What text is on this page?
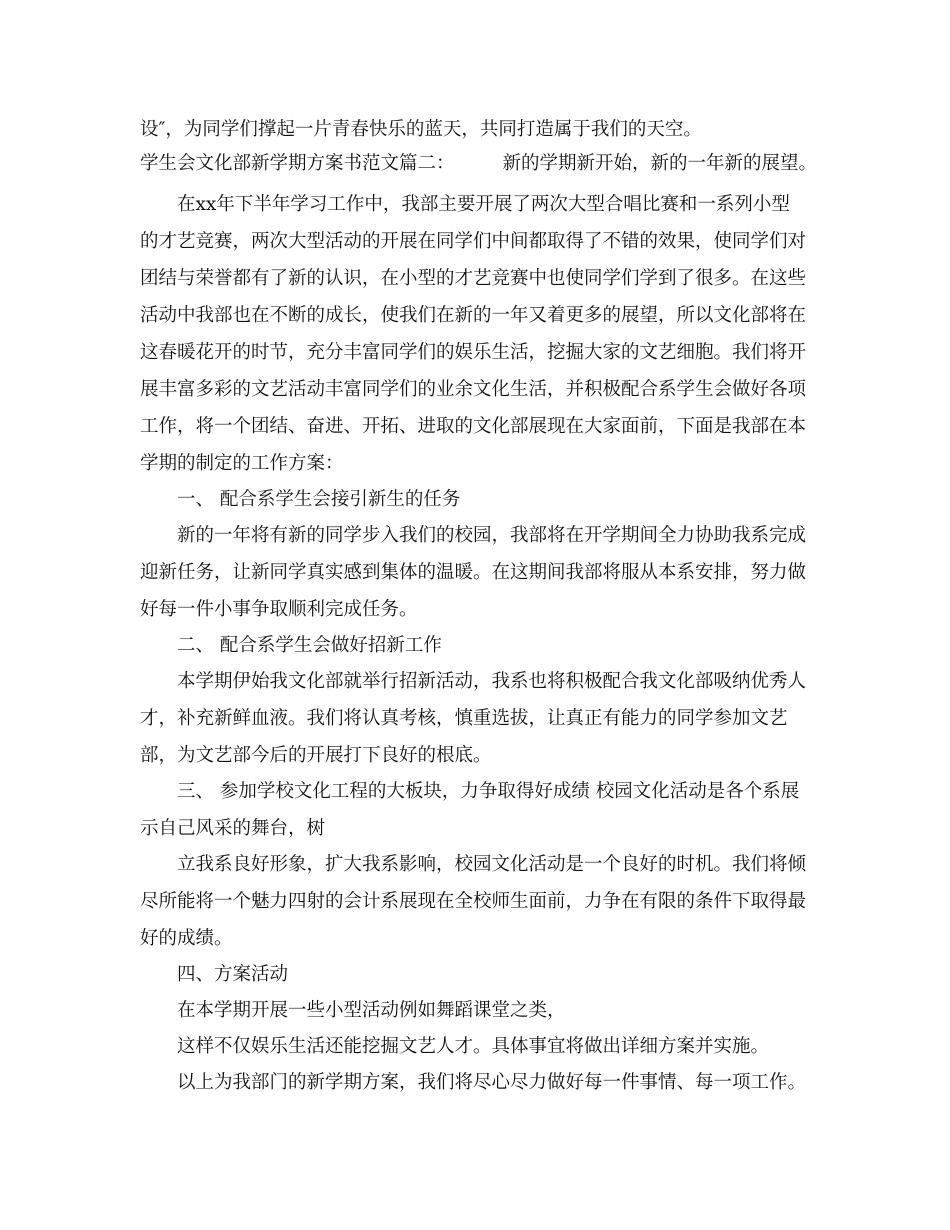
设″，为同学们撑起一片青春快乐的蓝天，共同打造属于我们的天空。
学生会文化部新学期方案书范文篇二：	新的学期新开始，新的一年新的展望。
在xx年下半年学习工作中，我部主要开展了两次大型合唱比赛和一系列小型
的才艺竞赛，两次大型活动的开展在同学们中间都取得了不错的效果，使同学们对
团结与荣誉都有了新的认识，在小型的才艺竞赛中也使同学们学到了很多。在这些
活动中我部也在不断的成长，使我们在新的一年又着更多的展望，所以文化部将在
这春暖花开的时节，充分丰富同学们的娱乐生活，挖掘大家的文艺细胞。我们将开
展丰富多彩的文艺活动丰富同学们的业余文化生活，并积极配合系学生会做好各项
工作，将一个团结、奋进、开拓、进取的文化部展现在大家面前，下面是我部在本
学期的制定的工作方案：
一、 配合系学生会接引新生的任务
新的一年将有新的同学步入我们的校园，我部将在开学期间全力协助我系完成
迎新任务，让新同学真实感到集体的温暖。在这期间我部将服从本系安排，努力做
好每一件小事争取顺利完成任务。
二、 配合系学生会做好招新工作
本学期伊始我文化部就举行招新活动，我系也将积极配合我文化部吸纳优秀人
才，补充新鲜血液。我们将认真考核，慎重选拔，让真正有能力的同学参加文艺
部，为文艺部今后的开展打下良好的根底。
三、 参加学校文化工程的大板块，力争取得好成绩 校园文化活动是各个系展
示自己风采的舞台，树
立我系良好形象，扩大我系影响，校园文化活动是一个良好的时机。我们将倾
尽所能将一个魅力四射的会计系展现在全校师生面前，力争在有限的条件下取得最
好的成绩。
四、方案活动
在本学期开展一些小型活动例如舞蹈课堂之类，
这样不仅娱乐生活还能挖掘文艺人才。具体事宜将做出详细方案并实施。
以上为我部门的新学期方案，我们将尽心尽力做好每一件事情、每一项工作。
